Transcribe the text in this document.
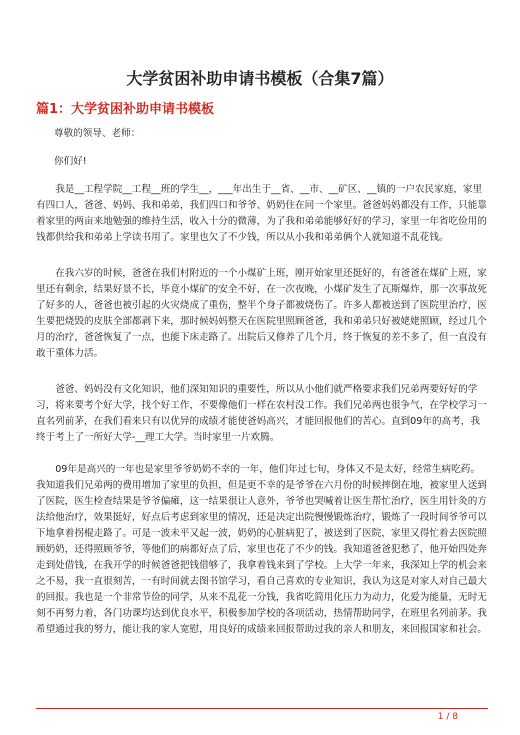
大学贫困补助申请书模板（合集7篇）
篇1：大学贫困补助申请书模板
尊敬的领导、老师：
你们好!

我是__工程学院__工程__班的学生__，___年出生于__省、__市、__矿区、__镇的一户农民家庭，家里有四口人，爸爸、妈妈、我和弟弟，我们四口和爷爷、奶奶住在同一个家里。爸爸妈妈都没有工作，只能靠着家里的两亩来地勉强的维持生活，收入十分的微薄，为了我和弟弟能够好好的学习，家里一年省吃俭用的钱都供给我和弟弟上学读书用了。家里也欠了不少钱，所以从小我和弟弟俩个人就知道不乱花钱。

在我六岁的时候，爸爸在我们村附近的一个小煤矿上班，刚开始家里还挺好的，有爸爸在煤矿上班，家里还有剩余，结果好景不长，毕竟小煤矿的安全不好，在一次夜晚，小煤矿发生了瓦斯爆炸，那一次事故死了好多的人，爸爸也被引起的火灾烧成了重伤，整半个身子都被烧伤了。许多人都被送到了医院里治疗，医生要把烧毁的皮肤全部都剥下来，那时候妈妈整天在医院里照顾爸爸，我和弟弟只好被姥姥照顾，经过几个月的治疗，爸爸恢复了一点，也能下床走路了。出院后又修养了几个月，终于恢复的差不多了，但一直没有敢干重体力活。

爸爸、妈妈没有文化知识，他们深知知识的重要性，所以从小他们就严格要求我们兄弟两要好好的学习，将来要考个好大学，找个好工作，不要像他们一样在农村没工作。我们兄弟两也很争气，在学校学习一直名列前茅，在我们看来只有以优异的成绩才能使爸妈高兴，才能回报他们的苦心。直到09年的高考，我终于考上了一所好大学-__理工大学。当时家里一片欢腾。

09年是高兴的一年也是家里爷爷奶奶不幸的一年，他们年过七旬，身体又不是太好，经常生病吃药。我知道我们兄弟两的费用增加了家里的负担，但是更不幸的是爷爷在六月份的时候摔倒在地，被家里人送到了医院，医生检查结果是爷爷偏瘫，这一结果很让人意外，爷爷也哭喊着让医生帮忙治疗，医生用针灸的方法给他治疗，效果挺好，好点后考虑到家里的情况，还是决定出院慢慢锻炼治疗，锻炼了一段时间爷爷可以下地拿着拐棍走路了。可是一波未平又起一波，奶奶的心脏病犯了，被送到了医院，家里又得忙着去医院照顾奶奶，还得照顾爷爷，等他们的病都好点了后，家里也花了不少的钱。我知道爸爸犯愁了，他开始四处奔走到处借钱，在我开学的时候爸爸把钱借够了，我拿着钱来到了学校。上大学一年来，我深知上学的机会来之不易，我一直很刻苦，一有时间就去图书馆学习，看自己喜欢的专业知识，我认为这是对家人对自己最大的回报。我也是一个非常节俭的同学，从来不乱花一分钱，我省吃简用化压力为动力，化爱为能量，无时无刻不再努力着，各门功课均达到优良水平，积极参加学校的各项活动，热情帮助同学，在班里名列前茅。我希望通过我的努力，能让我的家人宽慰，用良好的成绩来回报帮助过我的亲人和朋友，来回报国家和社会。

1 / 8
